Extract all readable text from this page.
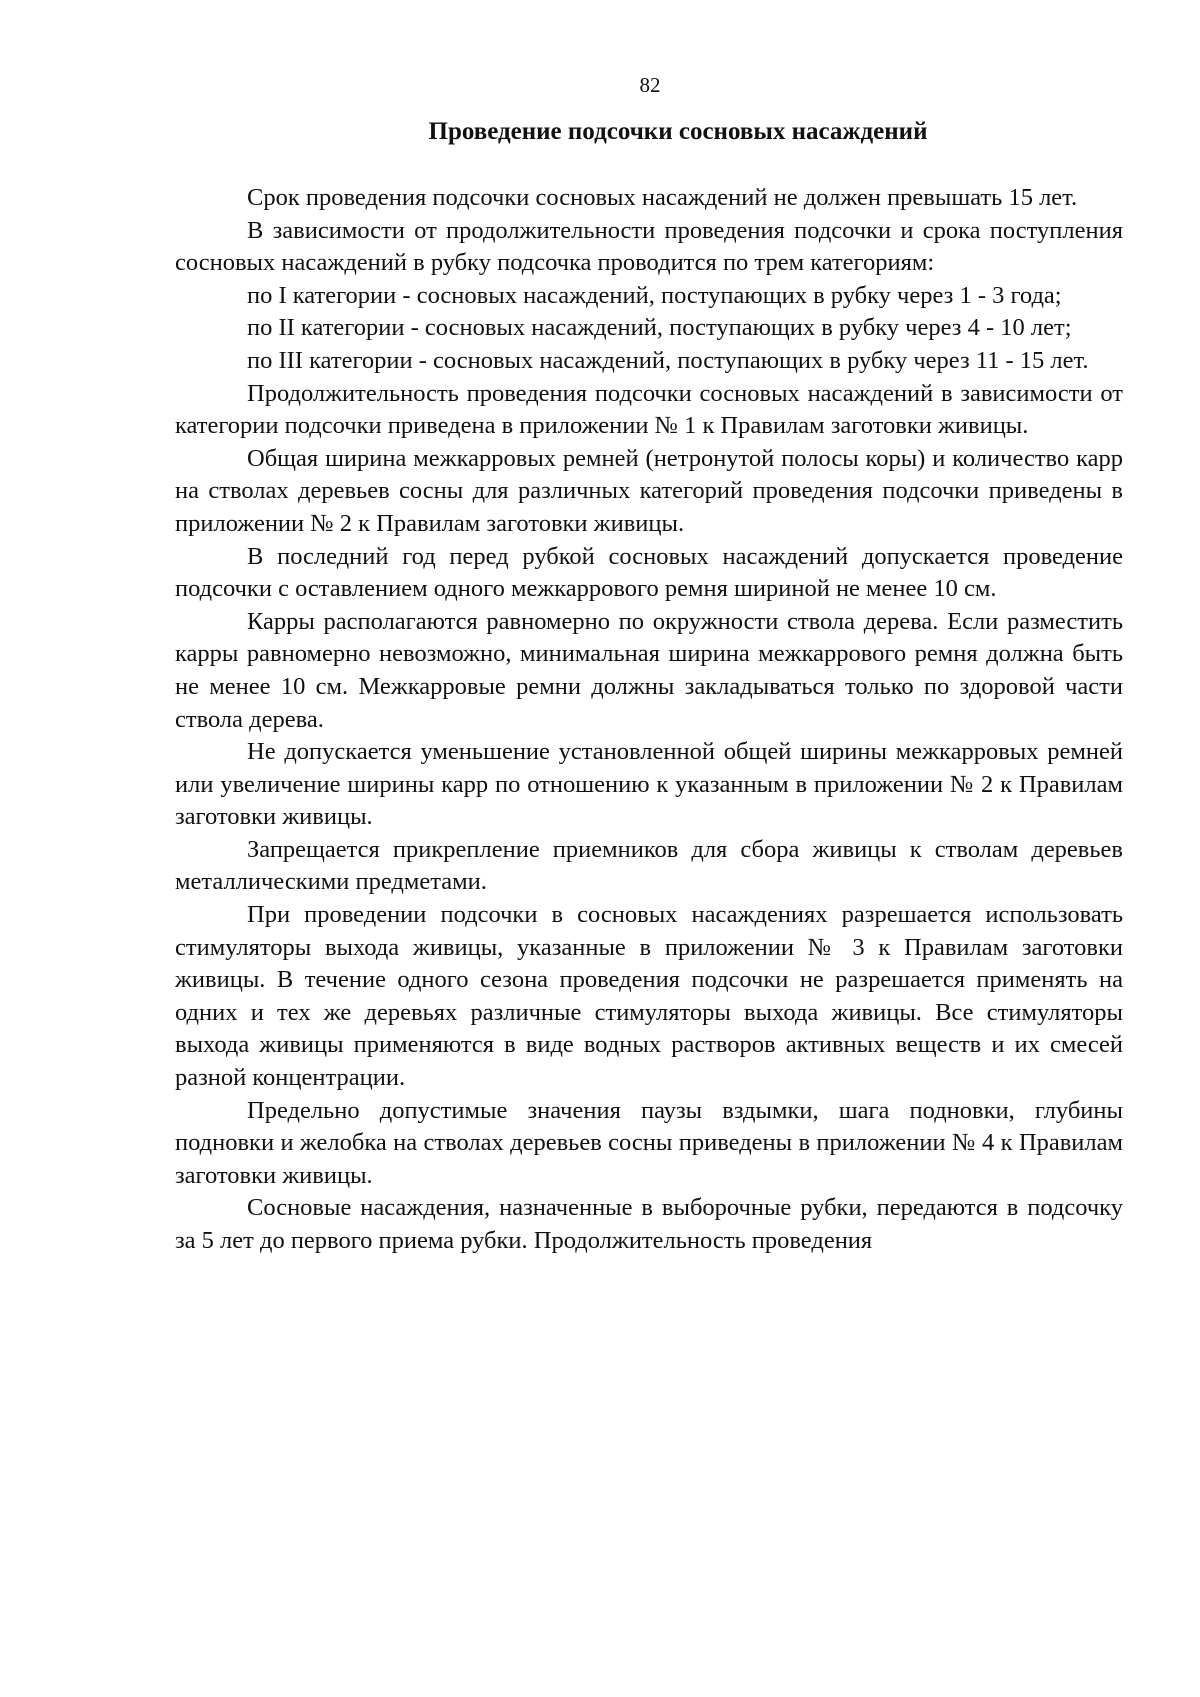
82
Проведение подсочки сосновых насаждений

Срок проведения подсочки сосновых насаждений не должен превышать 15 лет.

В зависимости от продолжительности проведения подсочки и срока поступления сосновых насаждений в рубку подсочка проводится по трем категориям:

по I категории - сосновых насаждений, поступающих в рубку через 1 - 3 года;

по II категории - сосновых насаждений, поступающих в рубку через 4 - 10 лет;

по III категории - сосновых насаждений, поступающих в рубку через 11 - 15 лет.

Продолжительность проведения подсочки сосновых насаждений в зависимости от категории подсочки приведена в приложении № 1 к Правилам заготовки живицы.

Общая ширина межкарровых ремней (нетронутой полосы коры) и количество карр на стволах деревьев сосны для различных категорий проведения подсочки приведены в приложении № 2 к Правилам заготовки живицы.

В последний год перед рубкой сосновых насаждений допускается проведение подсочки с оставлением одного межкаррового ремня шириной не менее 10 см.

Карры располагаются равномерно по окружности ствола дерева. Если разместить карры равномерно невозможно, минимальная ширина межкаррового ремня должна быть не менее 10 см. Межкарровые ремни должны закладываться только по здоровой части ствола дерева.

Не допускается уменьшение установленной общей ширины межкарровых ремней или увеличение ширины карр по отношению к указанным в приложении № 2 к Правилам заготовки живицы.

Запрещается прикрепление приемников для сбора живицы к стволам деревьев металлическими предметами.

При проведении подсочки в сосновых насаждениях разрешается использовать стимуляторы выхода живицы, указанные в приложении № 3 к Правилам заготовки живицы. В течение одного сезона проведения подсочки не разрешается применять на одних и тех же деревьях различные стимуляторы выхода живицы. Все стимуляторы выхода живицы применяются в виде водных растворов активных веществ и их смесей разной концентрации.

Предельно допустимые значения паузы вздымки, шага подновки, глубины подновки и желобка на стволах деревьев сосны приведены в приложении № 4 к Правилам заготовки живицы.

Сосновые насаждения, назначенные в выборочные рубки, передаются в подсочку за 5 лет до первого приема рубки. Продолжительность проведения
